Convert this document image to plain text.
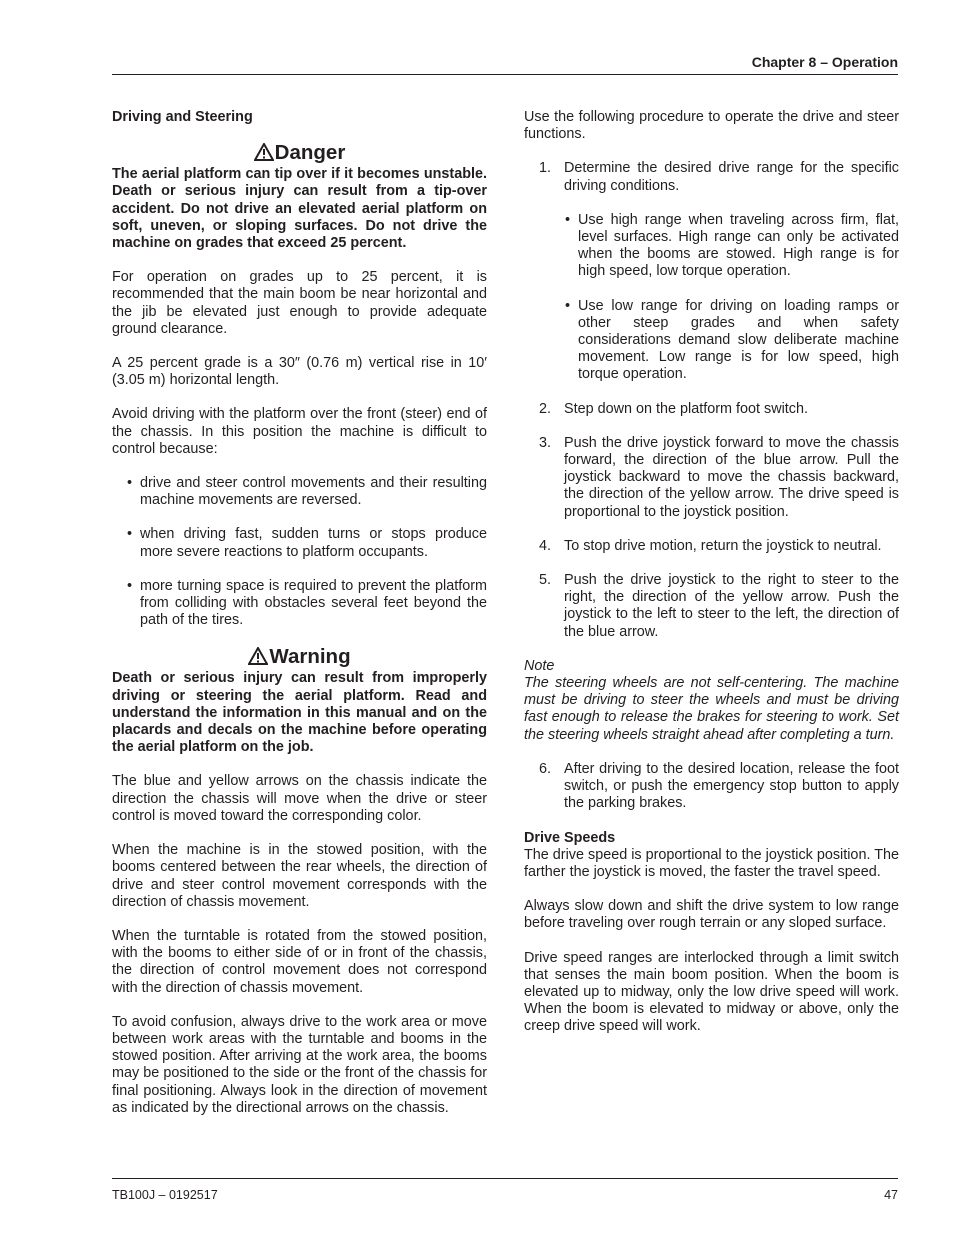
Chapter 8 – Operation

Driving and Steering

Danger

The aerial platform can tip over if it becomes unstable. Death or serious injury can result from a tip-over accident. Do not drive an elevated aerial platform on soft, uneven, or sloping surfaces. Do not drive the machine on grades that exceed 25 percent.

For operation on grades up to 25 percent, it is recommended that the main boom be near horizontal and the jib be elevated just enough to provide adequate ground clearance.

A 25 percent grade is a 30″ (0.76 m) vertical rise in 10′ (3.05 m) horizontal length.

Avoid driving with the platform over the front (steer) end of the chassis. In this position the machine is difficult to control because:

• drive and steer control movements and their resulting machine movements are reversed.
• when driving fast, sudden turns or stops produce more severe reactions to platform occupants.
• more turning space is required to prevent the platform from colliding with obstacles several feet beyond the path of the tires.
Warning

Death or serious injury can result from improperly driving or steering the aerial platform. Read and understand the information in this manual and on the placards and decals on the machine before operating the aerial platform on the job.

The blue and yellow arrows on the chassis indicate the direction the chassis will move when the drive or steer control is moved toward the corresponding color.

When the machine is in the stowed position, with the booms centered between the rear wheels, the direction of drive and steer control movement corresponds with the direction of chassis movement.

When the turntable is rotated from the stowed position, with the booms to either side of or in front of the chassis, the direction of control movement does not correspond with the direction of chassis movement.

To avoid confusion, always drive to the work area or move between work areas with the turntable and booms in the stowed position. After arriving at the work area, the booms may be positioned to the side or the front of the chassis for final positioning. Always look in the direction of movement as indicated by the directional arrows on the chassis.

Use the following procedure to operate the drive and steer functions.

1. Determine the desired drive range for the specific driving conditions.
• Use high range when traveling across firm, flat, level surfaces. High range can only be activated when the booms are stowed. High range is for high speed, low torque operation.
• Use low range for driving on loading ramps or other steep grades and when safety considerations demand slow deliberate machine movement. Low range is for low speed, high torque operation.
2. Step down on the platform foot switch.
3. Push the drive joystick forward to move the chassis forward, the direction of the blue arrow. Pull the joystick backward to move the chassis backward, the direction of the yellow arrow. The drive speed is proportional to the joystick position.
4. To stop drive motion, return the joystick to neutral.
5. Push the drive joystick to the right to steer to the right, the direction of the yellow arrow. Push the joystick to the left to steer to the left, the direction of the blue arrow.

Note

The steering wheels are not self-centering. The machine must be driving to steer the wheels and must be driving fast enough to release the brakes for steering to work. Set the steering wheels straight ahead after completing a turn.

6. After driving to the desired location, release the foot switch, or push the emergency stop button to apply the parking brakes.

Drive Speeds

The drive speed is proportional to the joystick position. The farther the joystick is moved, the faster the travel speed.

Always slow down and shift the drive system to low range before traveling over rough terrain or any sloped surface.

Drive speed ranges are interlocked through a limit switch that senses the main boom position. When the boom is elevated up to midway, only the low drive speed will work. When the boom is elevated to midway or above, only the creep drive speed will work.

TB100J – 0192517	47
